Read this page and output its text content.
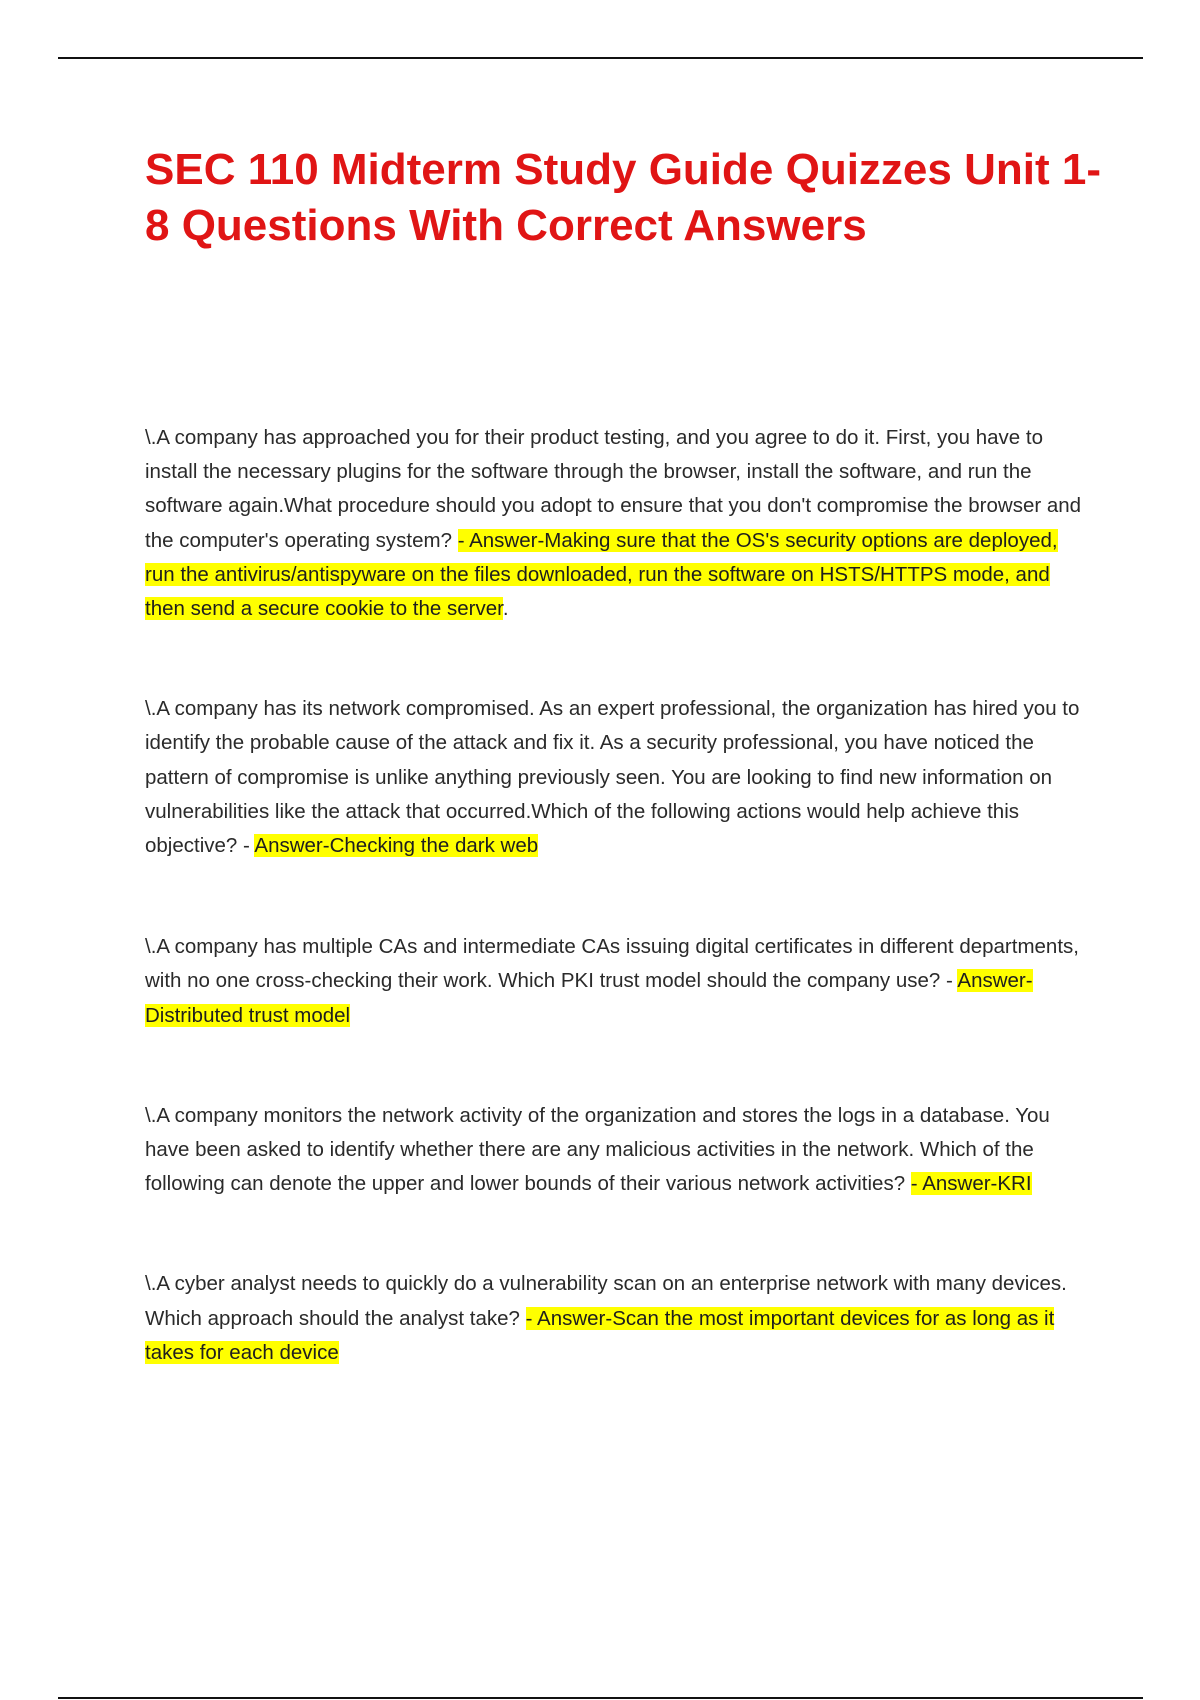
SEC 110 Midterm Study Guide Quizzes Unit 1-8 Questions With Correct Answers

\.A company has approached you for their product testing, and you agree to do it. First, you have to install the necessary plugins for the software through the browser, install the software, and run the software again.What procedure should you adopt to ensure that you don't compromise the browser and the computer's operating system? - Answer-Making sure that the OS's security options are deployed, run the antivirus/antispyware on the files downloaded, run the software on HSTS/HTTPS mode, and then send a secure cookie to the server.

\.A company has its network compromised. As an expert professional, the organization has hired you to identify the probable cause of the attack and fix it. As a security professional, you have noticed the pattern of compromise is unlike anything previously seen. You are looking to find new information on vulnerabilities like the attack that occurred.Which of the following actions would help achieve this objective? - Answer-Checking the dark web

\.A company has multiple CAs and intermediate CAs issuing digital certificates in different departments, with no one cross-checking their work. Which PKI trust model should the company use? - Answer-Distributed trust model

\.A company monitors the network activity of the organization and stores the logs in a database. You have been asked to identify whether there are any malicious activities in the network. Which of the following can denote the upper and lower bounds of their various network activities? - Answer-KRI

\.A cyber analyst needs to quickly do a vulnerability scan on an enterprise network with many devices. Which approach should the analyst take? - Answer-Scan the most important devices for as long as it takes for each device
